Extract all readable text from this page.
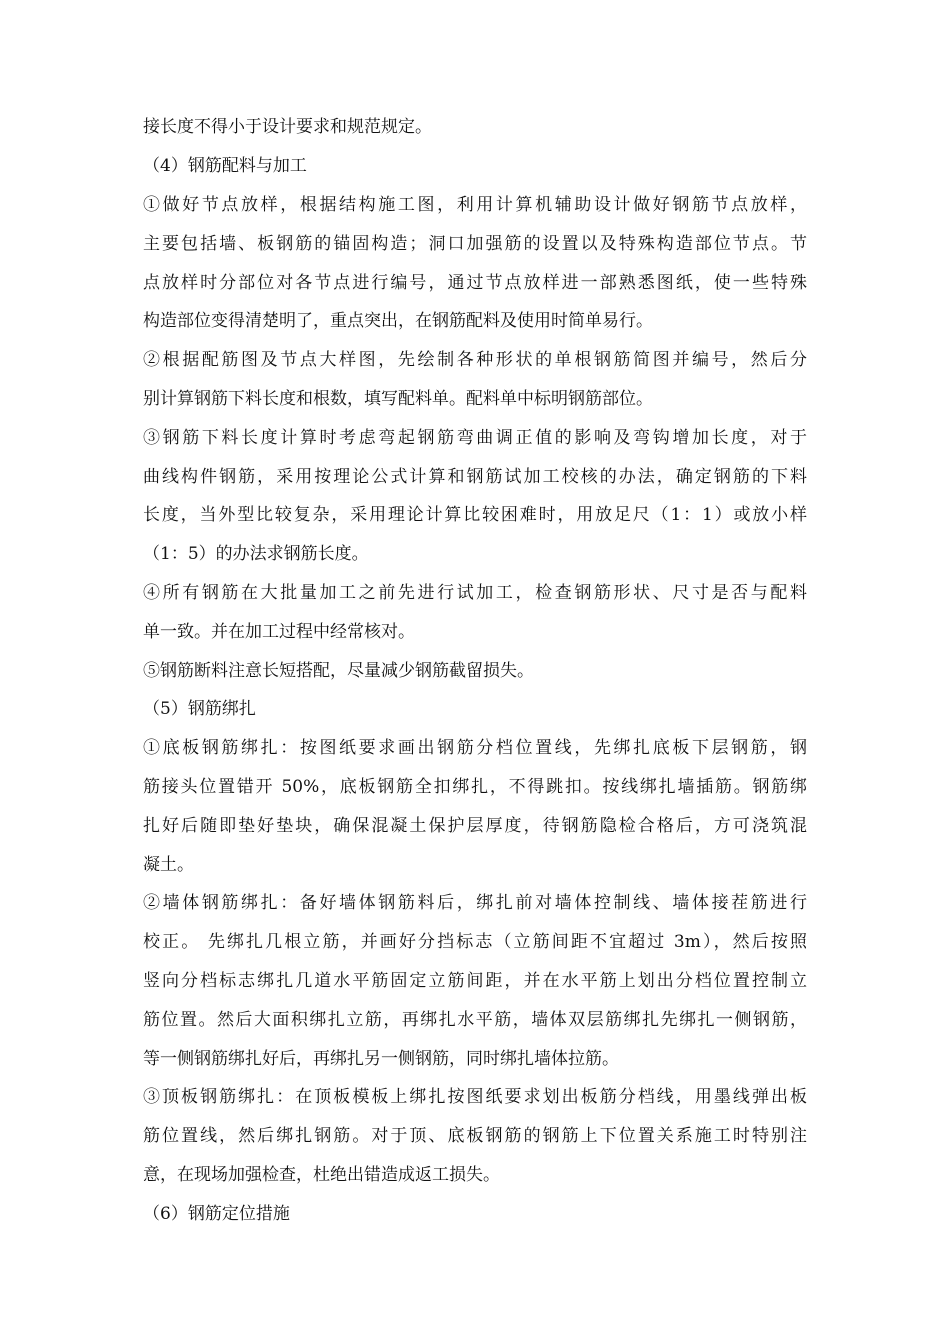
接长度不得小于设计要求和规范规定。

（4）钢筋配料与加工

①做好节点放样，根据结构施工图，利用计算机辅助设计做好钢筋节点放样，

主要包括墙、板钢筋的锚固构造；洞口加强筋的设置以及特殊构造部位节点。节

点放样时分部位对各节点进行编号，通过节点放样进一部熟悉图纸，使一些特殊

构造部位变得清楚明了，重点突出，在钢筋配料及使用时简单易行。

②根据配筋图及节点大样图，先绘制各种形状的单根钢筋简图并编号，然后分

别计算钢筋下料长度和根数，填写配料单。配料单中标明钢筋部位。

③钢筋下料长度计算时考虑弯起钢筋弯曲调正值的影响及弯钩增加长度，对于

曲线构件钢筋，采用按理论公式计算和钢筋试加工校核的办法，确定钢筋的下料

长度，当外型比较复杂，采用理论计算比较困难时，用放足尺（1：1）或放小样

（1：5）的办法求钢筋长度。

④所有钢筋在大批量加工之前先进行试加工，检查钢筋形状、尺寸是否与配料

单一致。并在加工过程中经常核对。

⑤钢筋断料注意长短搭配，尽量减少钢筋截留损失。

（5）钢筋绑扎

①底板钢筋绑扎：按图纸要求画出钢筋分档位置线，先绑扎底板下层钢筋，钢

筋接头位置错开 50%，底板钢筋全扣绑扎，不得跳扣。按线绑扎墙插筋。钢筋绑

扎好后随即垫好垫块，确保混凝土保护层厚度，待钢筋隐检合格后，方可浇筑混

凝土。

②墙体钢筋绑扎：备好墙体钢筋料后，绑扎前对墙体控制线、墙体接茬筋进行

校正。 先绑扎几根立筋，并画好分挡标志（立筋间距不宜超过 3m），然后按照

竖向分档标志绑扎几道水平筋固定立筋间距，并在水平筋上划出分档位置控制立

筋位置。然后大面积绑扎立筋，再绑扎水平筋，墙体双层筋绑扎先绑扎一侧钢筋，

等一侧钢筋绑扎好后，再绑扎另一侧钢筋，同时绑扎墙体拉筋。

③顶板钢筋绑扎：在顶板模板上绑扎按图纸要求划出板筋分档线，用墨线弹出板

筋位置线，然后绑扎钢筋。对于顶、底板钢筋的钢筋上下位置关系施工时特别注

意，在现场加强检查，杜绝出错造成返工损失。

（6）钢筋定位措施
